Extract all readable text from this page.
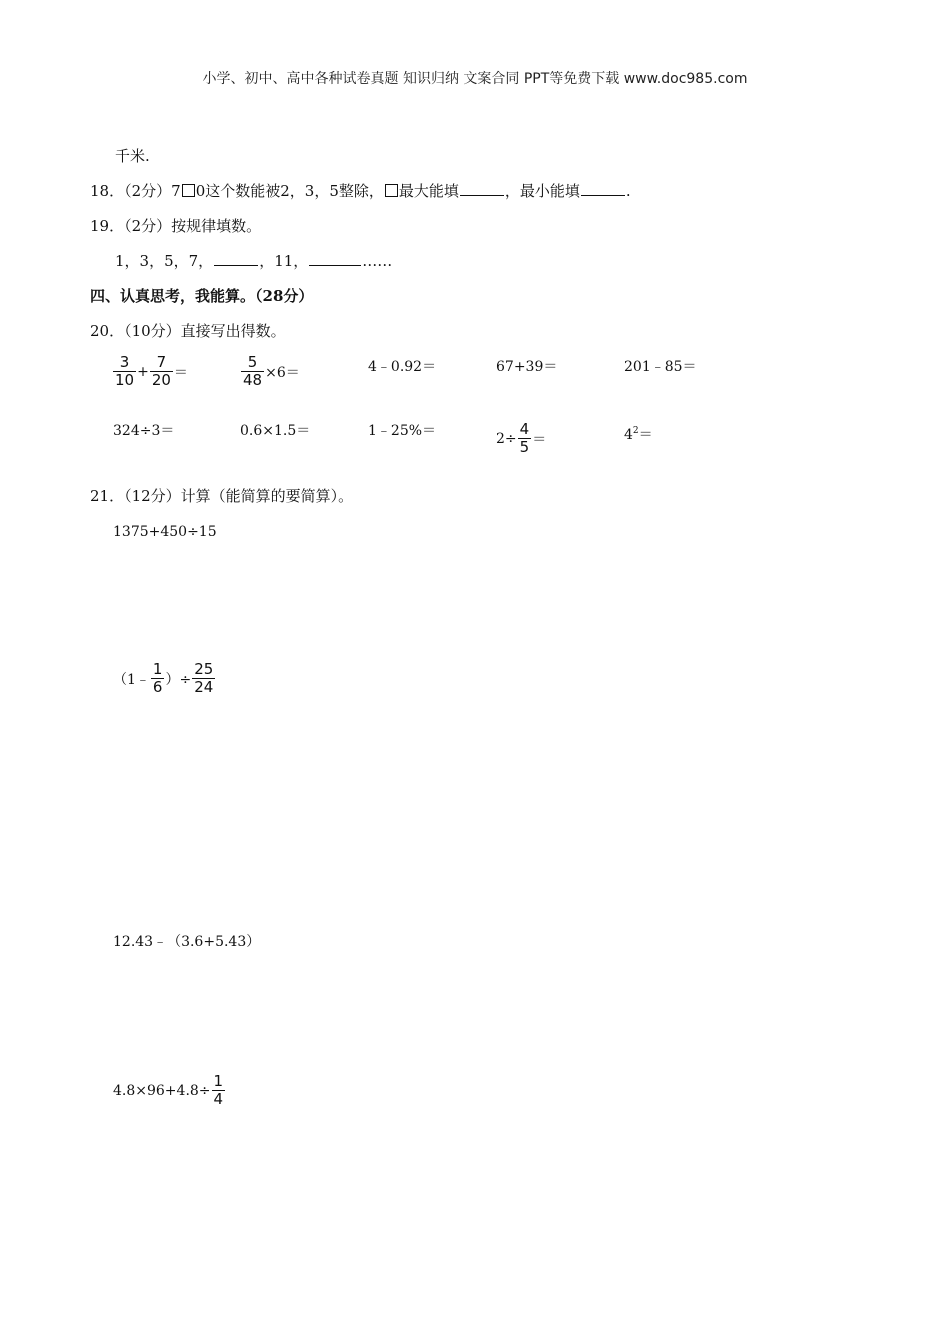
小学、初中、高中各种试卷真题 知识归纳 文案合同 PPT等免费下载 www.doc985.com
千米.
18．（2分）7 0这个数能被2，3，5整除， 最大能填	，最小能填	.
19．（2分）按规律填数。
1，3，5，7，	，11，	……
四、认真思考，我能算。（28分）
20．（10分）直接写出得数。
$\frac{3}{10} + \frac{7}{20}$ ＝	$\frac{5}{48} \times 6=$	4﹣0.92＝	67+39＝	201﹣85＝
324÷3＝	0.6×1.5＝	1﹣25%＝	$2\div \frac{4}{5}$ ＝	$4^2=$
21．（12分）计算（能简算的要简算）。
1375+450÷15
（1﹣ $\frac{1}{6}$ ）÷ $\frac{25}{24}$
12.43﹣（3.6+5.43）
$4.8\times 96+4.8\div \frac{1}{4}$
